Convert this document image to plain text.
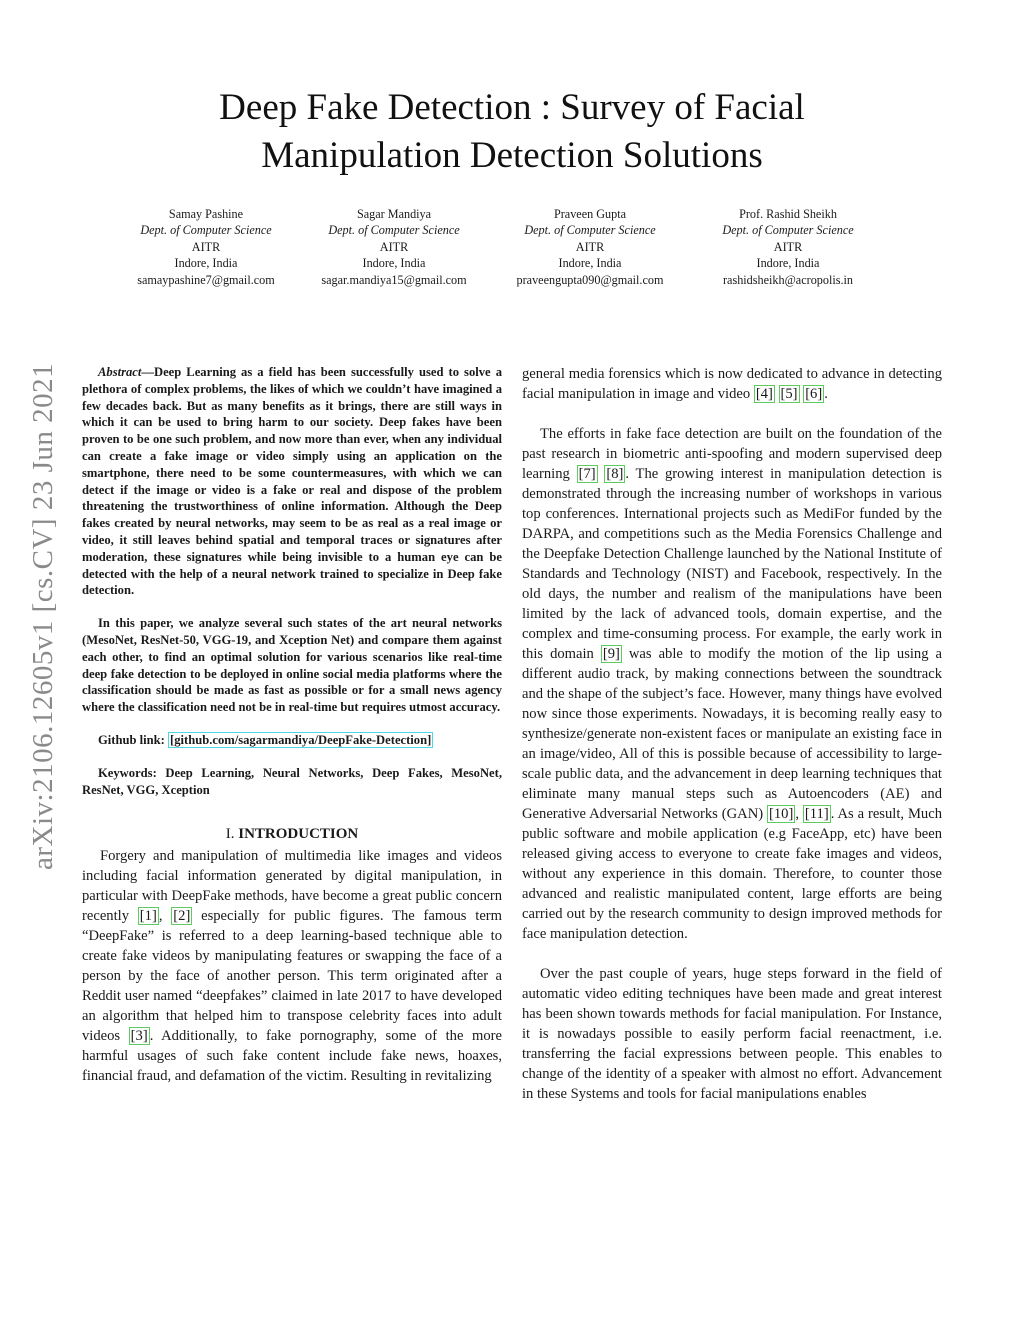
Deep Fake Detection : Survey of Facial
Manipulation Detection Solutions
Samay Pashine
Dept. of Computer Science
AITR
Indore, India
samaypashine7@gmail.com
Sagar Mandiya
Dept. of Computer Science
AITR
Indore, India
sagar.mandiya15@gmail.com
Praveen Gupta
Dept. of Computer Science
AITR
Indore, India
praveengupta090@gmail.com
Prof. Rashid Sheikh
Dept. of Computer Science
AITR
Indore, India
rashidsheikh@acropolis.in
arXiv:2106.12605v1 [cs.CV] 23 Jun 2021	Abstract—Deep Learning as a field has been successfully used to solve a plethora of complex problems, the likes of which we couldn’t have imagined a few decades back. But as many benefits as it brings, there are still ways in which it can be used to bring harm to our society. Deep fakes have been proven to be one such problem, and now more than ever, when any individual can create a fake image or video simply using an application on the smartphone, there need to be some countermeasures, with which we can detect if the image or video is a fake or real and dispose of the problem threatening the trustworthiness of online information. Although the Deep fakes created by neural networks, may seem to be as real as a real image or video, it still leaves behind spatial and temporal traces or signatures after moderation, these signatures while being invisible to a human eye can be detected with the help of a neural network trained to specialize in Deep fake detection.

In this paper, we analyze several such states of the art neural networks (MesoNet, ResNet-50, VGG-19, and Xception Net) and compare them against each other, to find an optimal solution for various scenarios like real-time deep fake detection to be deployed in online social media platforms where the classification should be made as fast as possible or for a small news agency where the classification need not be in real-time but requires utmost accuracy.

Github link: [github.com/sagarmandiya/DeepFake-Detection]
Keywords: Deep Learning, Neural Networks, Deep Fakes, MesoNet, ResNet, VGG, Xception
I. INTRODUCTION

Forgery and manipulation of multimedia like images and videos including facial information generated by digital manipulation, in particular with DeepFake methods, have become a great public concern recently [1] , [2] especially for public figures. The famous term “DeepFake” is referred to a deep learning-based technique able to create fake videos by manipulating features or swapping the face of a person by the face of another person. This term originated after a Reddit user named “deepfakes” claimed in late 2017 to have developed an algorithm that helped him to transpose celebrity faces into adult videos [3] . Additionally, to fake pornography, some of the more harmful usages of such fake content include fake news, hoaxes, financial fraud, and defamation of the victim. Resulting in revitalizing

general media forensics which is now dedicated to advance in detecting facial manipulation in image and video [4] [5] [6] .

The efforts in fake face detection are built on the foundation of the past research in biometric anti-spoofing and modern supervised deep learning [7] [8] . The growing interest in manipulation detection is demonstrated through the increasing number of workshops in various top conferences. International projects such as MediFor funded by the DARPA, and competitions such as the Media Forensics Challenge and the Deepfake Detection Challenge launched by the National Institute of Standards and Technology (NIST) and Facebook, respectively. In the old days, the number and realism of the manipulations have been limited by the lack of advanced tools, domain expertise, and the complex and time-consuming process. For example, the early work in this domain [9] was able to modify the motion of the lip using a different audio track, by making connections between the soundtrack and the shape of the subject’s face. However, many things have evolved now since those experiments. Nowadays, it is becoming really easy to synthesize/generate non-existent faces or manipulate an existing face in an image/video, All of this is possible because of accessibility to large-scale public data, and the advancement in deep learning techniques that eliminate many manual steps such as Autoencoders (AE) and Generative Adversarial Networks (GAN) [10] , [11] . As a result, Much public software and mobile application (e.g FaceApp, etc) have been released giving access to everyone to create fake images and videos, without any experience in this domain. Therefore, to counter those advanced and realistic manipulated content, large efforts are being carried out by the research community to design improved methods for face manipulation detection.

Over the past couple of years, huge steps forward in the field of automatic video editing techniques have been made and great interest has been shown towards methods for facial manipulation. For Instance, it is nowadays possible to easily perform facial reenactment, i.e. transferring the facial expressions between people. This enables to change of the identity of a speaker with almost no effort. Advancement in these Systems and tools for facial manipulations enables
